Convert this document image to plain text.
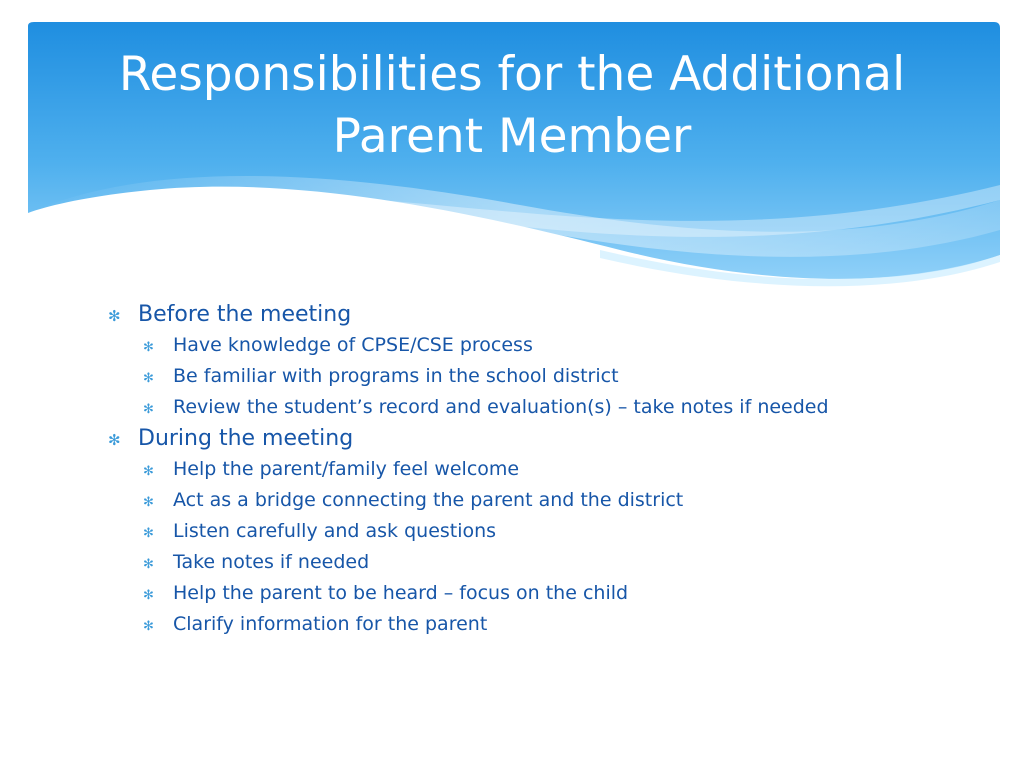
Responsibilities for the Additional
Parent Member
✻ Before the meeting
✻	Have knowledge of CPSE/CSE process
✻	Be familiar with programs in the school district
✻	Review the student’s record and evaluation(s) – take notes if needed
✻ During the meeting
✻	Help the parent/family feel welcome
✻	Act as a bridge connecting the parent and the district
✻	Listen carefully and ask questions
✻	Take notes if needed
✻	Help the parent to be heard – focus on the child
✻	Clarify information for the parent
